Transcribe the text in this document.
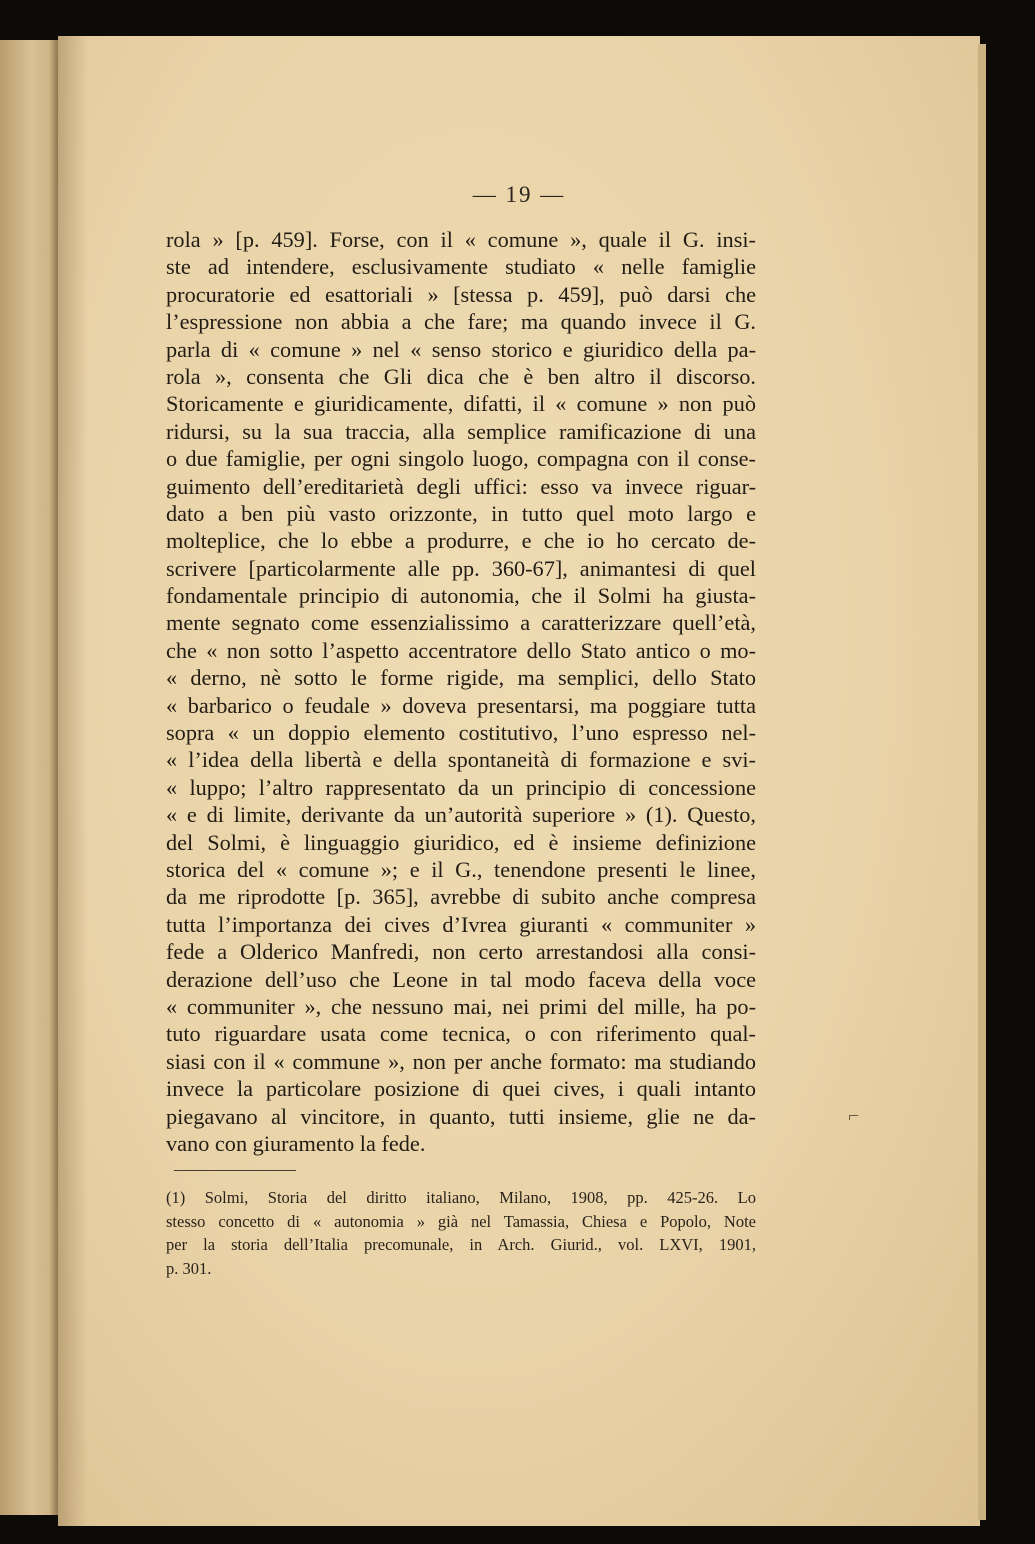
— 19 —
rola » [p. 459]. Forse, con il « comune », quale il G. insi-
ste ad intendere, esclusivamente studiato « nelle famiglie
procuratorie ed esattoriali » [stessa p. 459], può darsi che
l’espressione non abbia a che fare; ma quando invece il G.
parla di « comune » nel « senso storico e giuridico della pa-
rola », consenta che Gli dica che è ben altro il discorso.
Storicamente e giuridicamente, difatti, il « comune » non può
ridursi, su la sua traccia, alla semplice ramificazione di una
o due famiglie, per ogni singolo luogo, compagna con il conse-
guimento dell’ereditarietà degli uffici: esso va invece riguar-
dato a ben più vasto orizzonte, in tutto quel moto largo e
molteplice, che lo ebbe a produrre, e che io ho cercato de-
scrivere [particolarmente alle pp. 360-67], animantesi di quel
fondamentale principio di autonomia, che il Solmi ha giusta-
mente segnato come essenzialissimo a caratterizzare quell’età,
che « non sotto l’aspetto accentratore dello Stato antico o mo-
« derno, nè sotto le forme rigide, ma semplici, dello Stato
« barbarico o feudale » doveva presentarsi, ma poggiare tutta
sopra « un doppio elemento costitutivo, l’uno espresso nel-
« l’idea della libertà e della spontaneità di formazione e svi-
« luppo; l’altro rappresentato da un principio di concessione
« e di limite, derivante da un’autorità superiore » (1). Questo,
del Solmi, è linguaggio giuridico, ed è insieme definizione
storica del « comune »; e il G., tenendone presenti le linee,
da me riprodotte [p. 365], avrebbe di subito anche compresa
tutta l’importanza dei cives d’Ivrea giuranti « communiter »
fede a Olderico Manfredi, non certo arrestandosi alla consi-
derazione dell’uso che Leone in tal modo faceva della voce
« communiter », che nessuno mai, nei primi del mille, ha po-
tuto riguardare usata come tecnica, o con riferimento qual-
siasi con il « commune », non per anche formato: ma studiando
invece la particolare posizione di quei cives, i quali intanto
piegavano al vincitore, in quanto, tutti insieme, glie ne da-
vano con giuramento la fede.
(1) Solmi, Storia del diritto italiano, Milano, 1908, pp. 425-26. Lo
stesso concetto di « autonomia » già nel Tamassia, Chiesa e Popolo, Note
per la storia dell’Italia precomunale, in Arch. Giurid., vol. LXVI, 1901,
p. 301.
⌐
